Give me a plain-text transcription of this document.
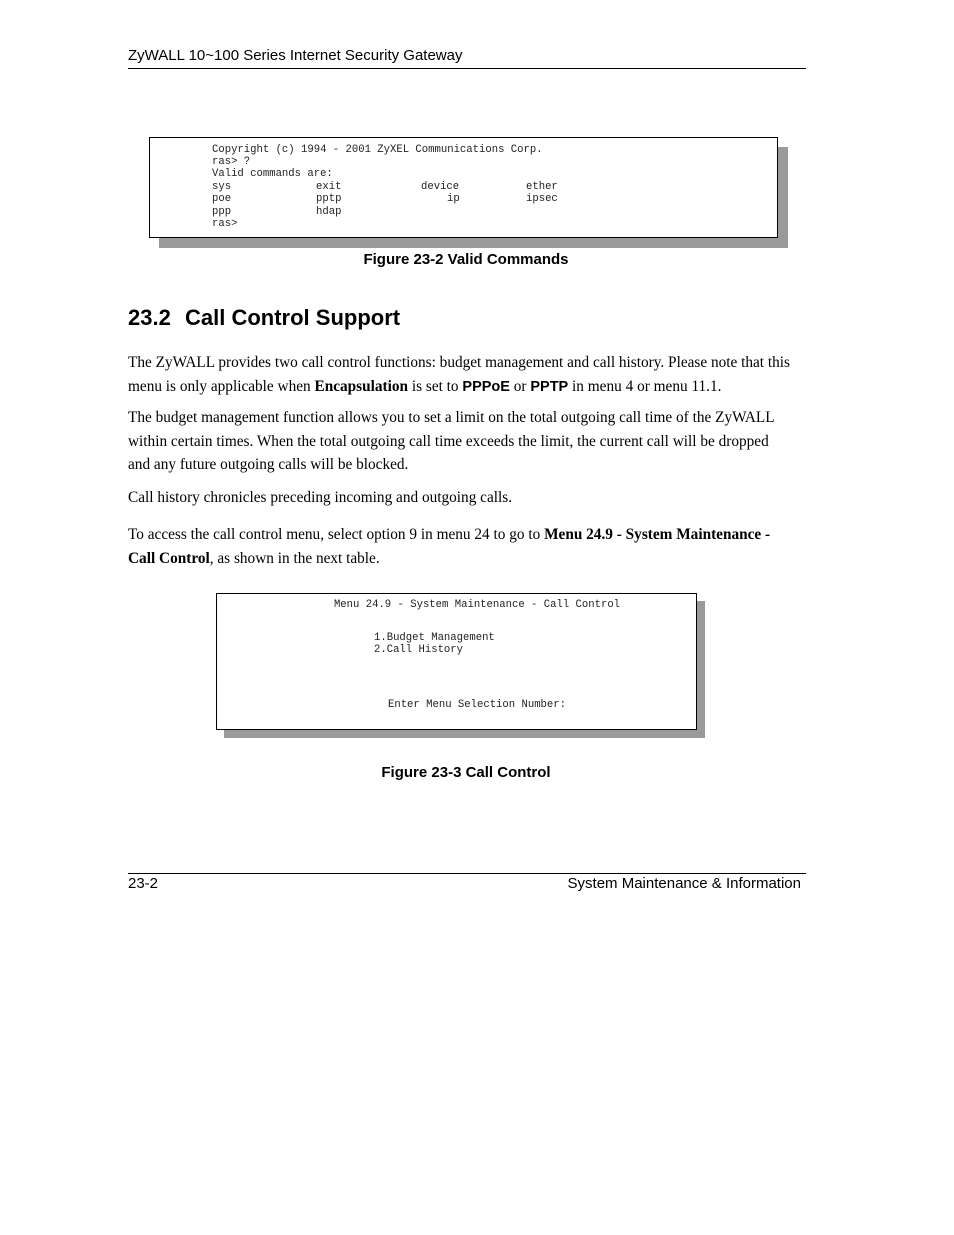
ZyWALL 10~100 Series Internet Security Gateway
Copyright (c) 1994 - 2001 ZyXEL Communications Corp.
ras> ?
Valid commands are:
sys	exit	device	ether
poe	pptp	ip	ipsec
ppp	hdap
ras>
Figure 23-2 Valid Commands
23.2 Call Control Support
The ZyWALL provides two call control functions: budget management and call history. Please note that this menu is only applicable when Encapsulation is set to PPPoE or PPTP in menu 4 or menu 11.1.
The budget management function allows you to set a limit on the total outgoing call time of the ZyWALL within certain times. When the total outgoing call time exceeds the limit, the current call will be dropped and any future outgoing calls will be blocked.
Call history chronicles preceding incoming and outgoing calls.
To access the call control menu, select option 9 in menu 24 to go to Menu 24.9 - System Maintenance - Call Control, as shown in the next table.
Menu 24.9 - System Maintenance - Call Control
1.Budget Management
2.Call History
Enter Menu Selection Number:
Figure 23-3 Call Control
23-2	System Maintenance & Information
